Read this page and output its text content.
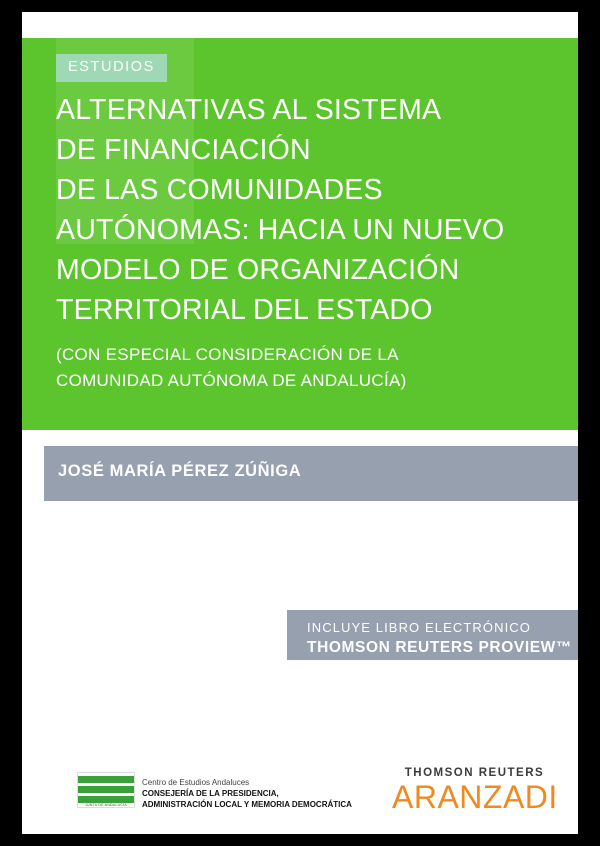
ESTUDIOS
ALTERNATIVAS AL SISTEMA
DE FINANCIACIÓN
DE LAS COMUNIDADES
AUTÓNOMAS: HACIA UN NUEVO
MODELO DE ORGANIZACIÓN
TERRITORIAL DEL ESTADO
(CON ESPECIAL CONSIDERACIÓN DE LA
COMUNIDAD AUTÓNOMA DE ANDALUCÍA)
JOSÉ MARÍA PÉREZ ZÚÑIGA
INCLUYE LIBRO ELECTRÓNICO
THOMSON REUTERS PROVIEW™
JUNTA DE ANDALUCÍA
Centro de Estudios Andaluces
CONSEJERÍA DE LA PRESIDENCIA,
ADMINISTRACIÓN LOCAL Y MEMORIA DEMOCRÁTICA
THOMSON REUTERS
ARANZADI
